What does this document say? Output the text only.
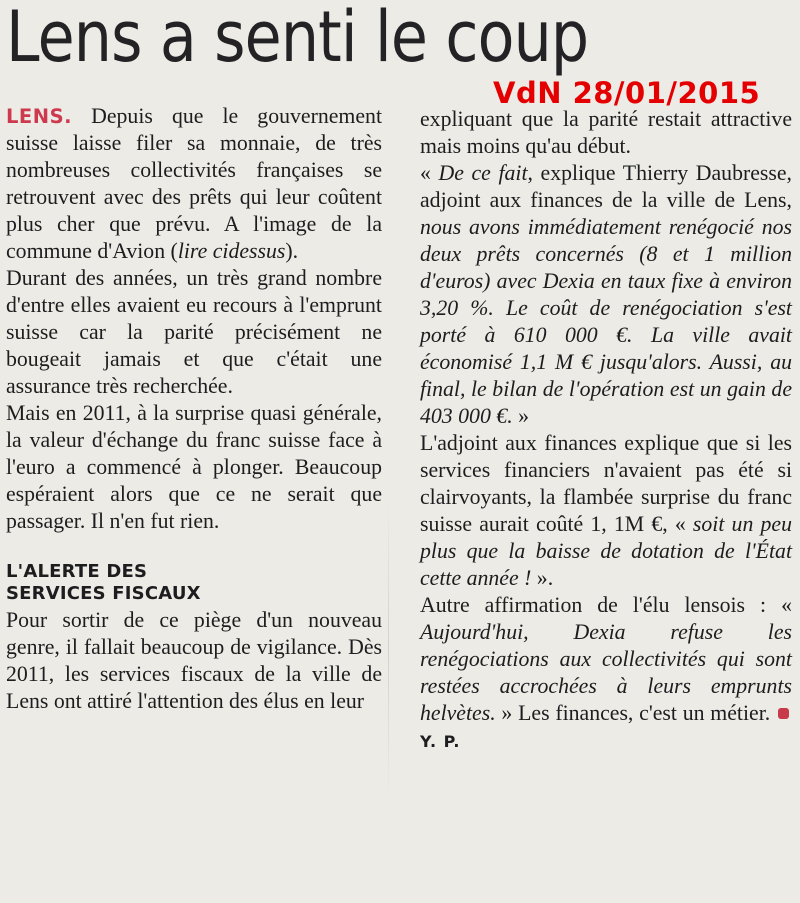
Lens a senti le coup
VdN 28/01/2015

LENS. Depuis que le gouvernement suisse laisse filer sa monnaie, de très nombreuses collectivités françaises se retrouvent avec des prêts qui leur coûtent plus cher que prévu. A l'image de la commune d'Avion (lire cidessus).

Durant des années, un très grand nombre d'entre elles avaient eu recours à l'emprunt suisse car la parité précisément ne bougeait jamais et que c'était une assurance très recherchée.

Mais en 2011, à la surprise quasi générale, la valeur d'échange du franc suisse face à l'euro a commencé à plonger. Beaucoup espéraient alors que ce ne serait que passager. Il n'en fut rien.

L'ALERTE DES
SERVICES FISCAUX

Pour sortir de ce piège d'un nouveau genre, il fallait beaucoup de vigilance. Dès 2011, les services fiscaux de la ville de Lens ont attiré l'attention des élus en leur

expliquant que la parité restait attractive mais moins qu'au début.

« De ce fait, explique Thierry Daubresse, adjoint aux finances de la ville de Lens, nous avons immédiatement renégocié nos deux prêts concernés (8 et 1 million d'euros) avec Dexia en taux fixe à environ 3,20 %. Le coût de renégociation s'est porté à 610 000 €. La ville avait économisé 1,1 M € jusqu'alors. Aussi, au final, le bilan de l'opération est un gain de 403 000 €. »

L'adjoint aux finances explique que si les services financiers n'avaient pas été si clairvoyants, la flambée surprise du franc suisse aurait coûté 1, 1M €, « soit un peu plus que la baisse de dotation de l'État cette année ! ».

Autre affirmation de l'élu lensois : « Aujourd'hui, Dexia refuse les renégociations aux collectivités qui sont restées accrochées à leurs emprunts helvètes. » Les finances, c'est un métier. Y. P.
